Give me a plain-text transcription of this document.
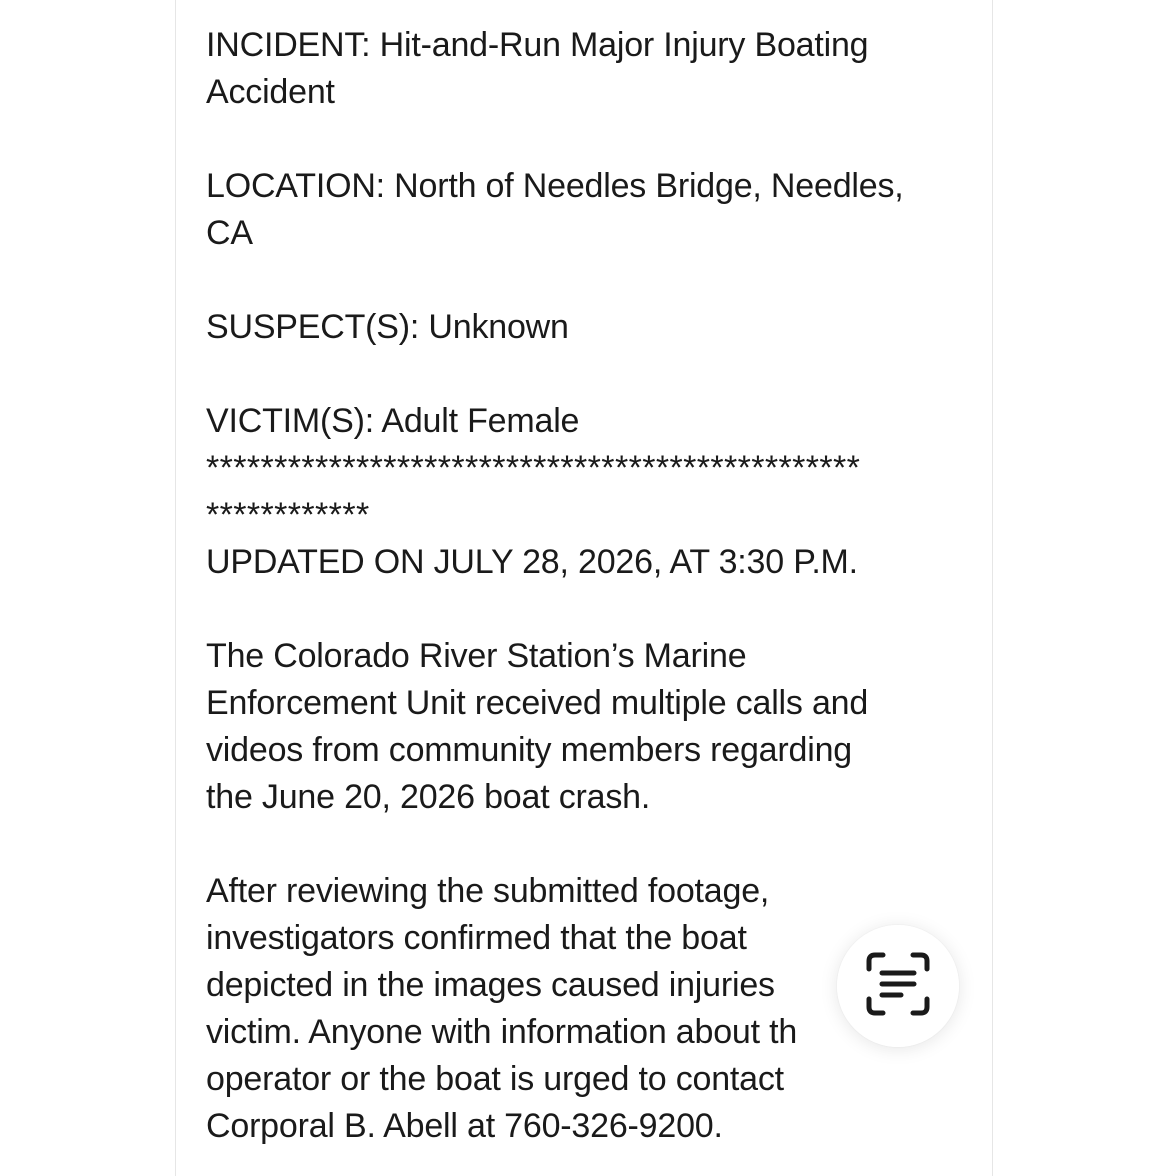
INCIDENT: Hit-and-Run Major Injury Boating
Accident
LOCATION: North of Needles Bridge, Needles,
CA
SUSPECT(S): Unknown
VICTIM(S): Adult Female
************************************************
************
UPDATED ON JULY 28, 2026, AT 3:30 P.M.
The Colorado River Station’s Marine
Enforcement Unit received multiple calls and
videos from community members regarding
the June 20, 2026 boat crash.
After reviewing the submitted footage,
investigators confirmed that the boat
depicted in the images caused injuries
victim. Anyone with information about th
operator or the boat is urged to contact
Corporal B. Abell at 760-326-9200.
